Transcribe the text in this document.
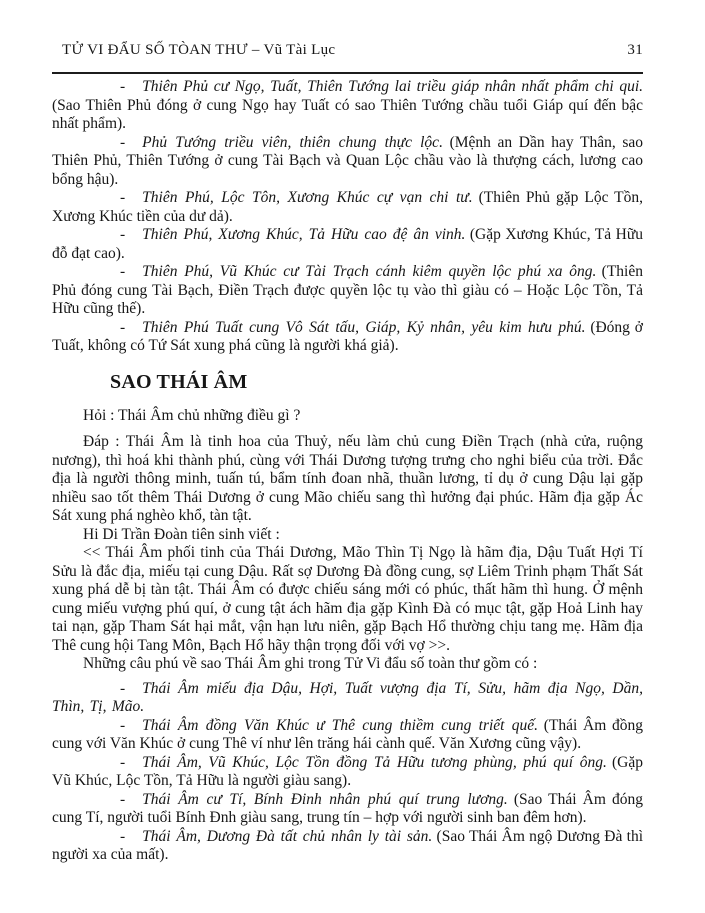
TỬ VI ĐẨU SỐ TÒAN THƯ – Vũ Tài Lục	31

- Thiên Phủ cư Ngọ, Tuất, Thiên Tướng lai triều giáp nhân nhất phẩm chi qui. (Sao Thiên Phủ đóng ở cung Ngọ hay Tuất có sao Thiên Tướng chầu tuổi Giáp quí đến bậc nhất phẩm).

- Phủ Tướng triều viên, thiên chung thực lộc. (Mệnh an Dần hay Thân, sao Thiên Phủ, Thiên Tướng ở cung Tài Bạch và Quan Lộc chầu vào là thượng cách, lương cao bổng hậu).

- Thiên Phú, Lộc Tôn, Xương Khúc cự vạn chi tư. (Thiên Phủ gặp Lộc Tồn, Xương Khúc tiền của dư dả).

- Thiên Phú, Xương Khúc, Tả Hữu cao đệ ân vinh. (Gặp Xương Khúc, Tả Hữu đỗ đạt cao).

- Thiên Phú, Vũ Khúc cư Tài Trạch cánh kiêm quyền lộc phú xa ông. (Thiên Phủ đóng cung Tài Bạch, Điền Trạch được quyền lộc tụ vào thì giàu có – Hoặc Lộc Tồn, Tả Hữu cũng thế).

- Thiên Phú Tuất cung Vô Sát tấu, Giáp, Kỷ nhân, yêu kim hưu phú. (Đóng ở Tuất, không có Tứ Sát xung phá cũng là người khá giả).

SAO THÁI ÂM

Hỏi : Thái Âm chủ những điều gì ?

Đáp : Thái Âm là tinh hoa của Thuỷ, nếu làm chủ cung Điền Trạch (nhà cửa, ruộng nương), thì hoá khi thành phú, cùng với Thái Dương tượng trưng cho nghi biểu của trời. Đắc địa là người thông minh, tuấn tú, bẩm tính đoan nhã, thuần lương, tỉ dụ ở cung Dậu lại gặp nhiều sao tốt thêm Thái Dương ở cung Mão chiếu sang thì hưởng đại phúc. Hãm địa gặp Ác Sát xung phá nghèo khổ, tàn tật.

Hi Di Trần Đoàn tiên sinh viết :

<< Thái Âm phối tinh của Thái Dương, Mão Thìn Tị Ngọ là hãm địa, Dậu Tuất Hợi Tí Sửu là đắc địa, miếu tại cung Dậu. Rất sợ Dương Đà đồng cung, sợ Liêm Trinh phạm Thất Sát xung phá dễ bị tàn tật. Thái Âm có được chiếu sáng mới có phúc, thất hãm thì hung. Ở mệnh cung miếu vượng phú quí, ở cung tật ách hãm địa gặp Kình Đà có mục tật, gặp Hoả Linh hay tai nạn, gặp Tham Sát hại mắt, vận hạn lưu niên, gặp Bạch Hổ thường chịu tang mẹ. Hãm địa Thê cung hội Tang Môn, Bạch Hổ hãy thận trọng đối với vợ >>.

Những câu phú về sao Thái Âm ghi trong Tử Vi đẩu số toàn thư gồm có :

- Thái Âm miếu địa Dậu, Hợi, Tuất vượng địa Tí, Sửu, hãm địa Ngọ, Dần, Thìn, Tị, Mão.

- Thái Âm đồng Văn Khúc ư Thê cung thiềm cung triết quế. (Thái Âm đồng cung với Văn Khúc ở cung Thê ví như lên trăng hái cành quế. Văn Xương cũng vậy).

- Thái Âm, Vũ Khúc, Lộc Tồn đồng Tả Hữu tương phùng, phú quí ông. (Gặp Vũ Khúc, Lộc Tồn, Tả Hữu là người giàu sang).

- Thái Âm cư Tí, Bính Đinh nhân phú quí trung lương. (Sao Thái Âm đóng cung Tí, người tuổi Bính Đnh giàu sang, trung tín – hợp với người sinh ban đêm hơn).

- Thái Âm, Dương Đà tất chủ nhân ly tài sản. (Sao Thái Âm ngộ Dương Đà thì người xa của mất).
